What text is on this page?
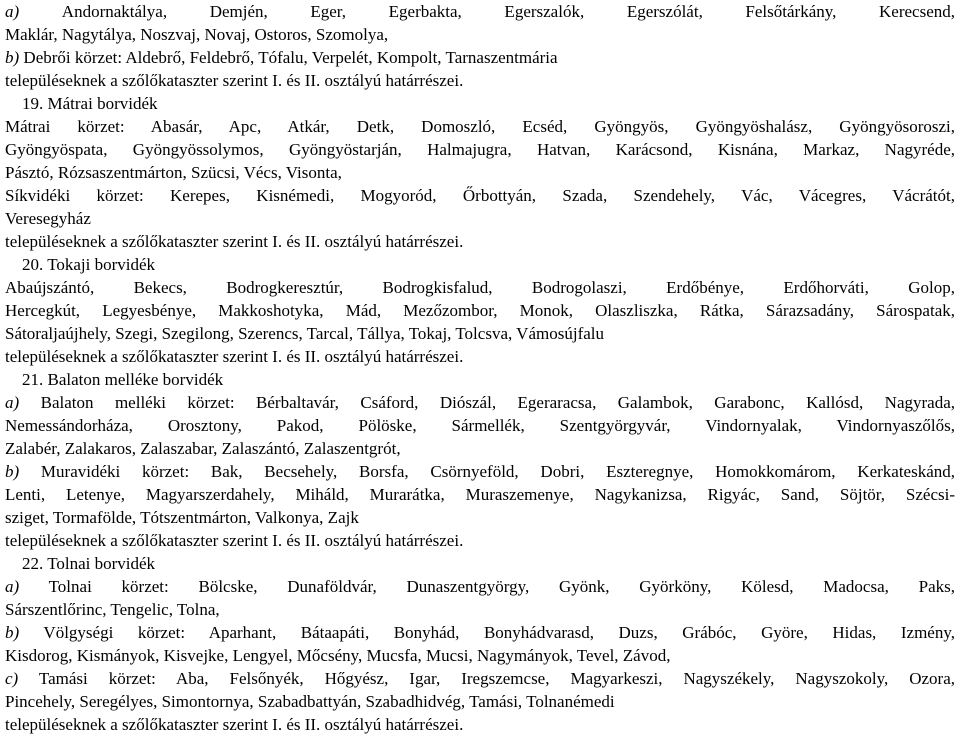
a) Andornaktálya, Demjén, Eger, Egerbakta, Egerszalók, Egerszólát, Felsőtárkány, Kerecsend,
Maklár, Nagytálya, Noszvaj, Novaj, Ostoros, Szomolya,
b) Debrői körzet: Aldebrő, Feldebrő, Tófalu, Verpelét, Kompolt, Tarnaszentmária
településeknek a szőlőkataszter szerint I. és II. osztályú határrészei.
19. Mátrai borvidék
Mátrai körzet: Abasár, Apc, Atkár, Detk, Domoszló, Ecséd, Gyöngyös, Gyöngyöshalász, Gyöngyösoroszi,
Gyöngyöspata, Gyöngyössolymos, Gyöngyöstarján, Halmajugra, Hatvan, Karácsond, Kisnána, Markaz, Nagyréde,
Pásztó, Rózsaszentmárton, Szücsi, Vécs, Visonta,
Síkvidéki körzet: Kerepes, Kisnémedi, Mogyoród, Őrbottyán, Szada, Szendehely, Vác, Vácegres, Vácrátót,
Veresegyház
településeknek a szőlőkataszter szerint I. és II. osztályú határrészei.
20. Tokaji borvidék
Abaújszántó, Bekecs, Bodrogkeresztúr, Bodrogkisfalud, Bodrogolaszi, Erdőbénye, Erdőhorváti, Golop,
Hercegkút, Legyesbénye, Makkoshotyka, Mád, Mezőzombor, Monok, Olaszliszka, Rátka, Sárazsadány, Sárospatak,
Sátoraljaújhely, Szegi, Szegilong, Szerencs, Tarcal, Tállya, Tokaj, Tolcsva, Vámosújfalu
településeknek a szőlőkataszter szerint I. és II. osztályú határrészei.
21. Balaton melléke borvidék
a) Balaton melléki körzet: Bérbaltavár, Csáford, Diószál, Egeraracsa, Galambok, Garabonc, Kallósd, Nagyrada,
Nemessándorháza, Orosztony, Pakod, Pölöske, Sármellék, Szentgyörgyvár, Vindornyalak, Vindornyaszőlős,
Zalabér, Zalakaros, Zalaszabar, Zalaszántó, Zalaszentgrót,
b) Muravidéki körzet: Bak, Becsehely, Borsfa, Csörnyeföld, Dobri, Eszteregnye, Homokkomárom, Kerkateskánd,
Lenti, Letenye, Magyarszerdahely, Miháld, Murarátka, Muraszemenye, Nagykanizsa, Rigyác, Sand, Söjtör, Szécsi-
sziget, Tormafölde, Tótszentmárton, Valkonya, Zajk
településeknek a szőlőkataszter szerint I. és II. osztályú határrészei.
22. Tolnai borvidék
a) Tolnai körzet: Bölcske, Dunaföldvár, Dunaszentgyörgy, Gyönk, Györköny, Kölesd, Madocsa, Paks,
Sárszentlőrinc, Tengelic, Tolna,
b) Völgységi körzet: Aparhant, Bátaapáti, Bonyhád, Bonyhádvarasd, Duzs, Grábóc, Györe, Hidas, Izmény,
Kisdorog, Kismányok, Kisvejke, Lengyel, Mőcsény, Mucsfa, Mucsi, Nagymányok, Tevel, Závod,
c) Tamási körzet: Aba, Felsőnyék, Hőgyész, Igar, Iregszemcse, Magyarkeszi, Nagyszékely, Nagyszokoly, Ozora,
Pincehely, Seregélyes, Simontornya, Szabadbattyán, Szabadhidvég, Tamási, Tolnanémedi
településeknek a szőlőkataszter szerint I. és II. osztályú határrészei.
